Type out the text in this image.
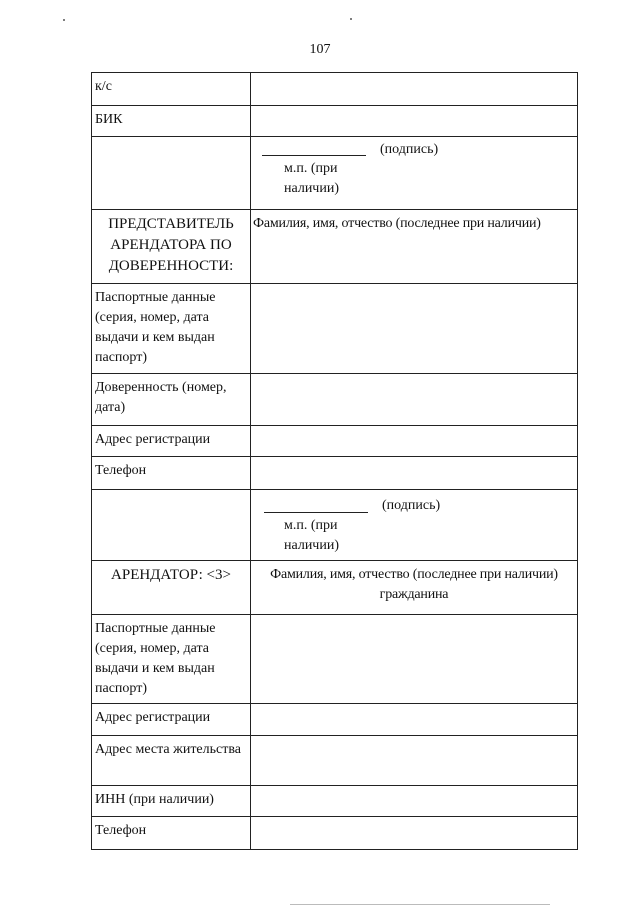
107
к/с	
БИК	

	(подпись)
м.п. (при
наличии)

ПРЕДСТАВИТЕЛЬ АРЕНДАТОРА ПО ДОВЕРЕННОСТИ:	Фамилия, имя, отчество (последнее при наличии)
Паспортные данные (серия, номер, дата выдачи и кем выдан паспорт)	
Доверенность (номер, дата)	
Адрес регистрации	
Телефон	

	(подпись)
м.п. (при
наличии)

АРЕНДАТОР: <3>	Фамилия, имя, отчество (последнее при наличии) гражданина
Паспортные данные (серия, номер, дата выдачи и кем выдан паспорт)	
Адрес регистрации	
Адрес места жительства	
ИНН (при наличии)	
Телефон	
